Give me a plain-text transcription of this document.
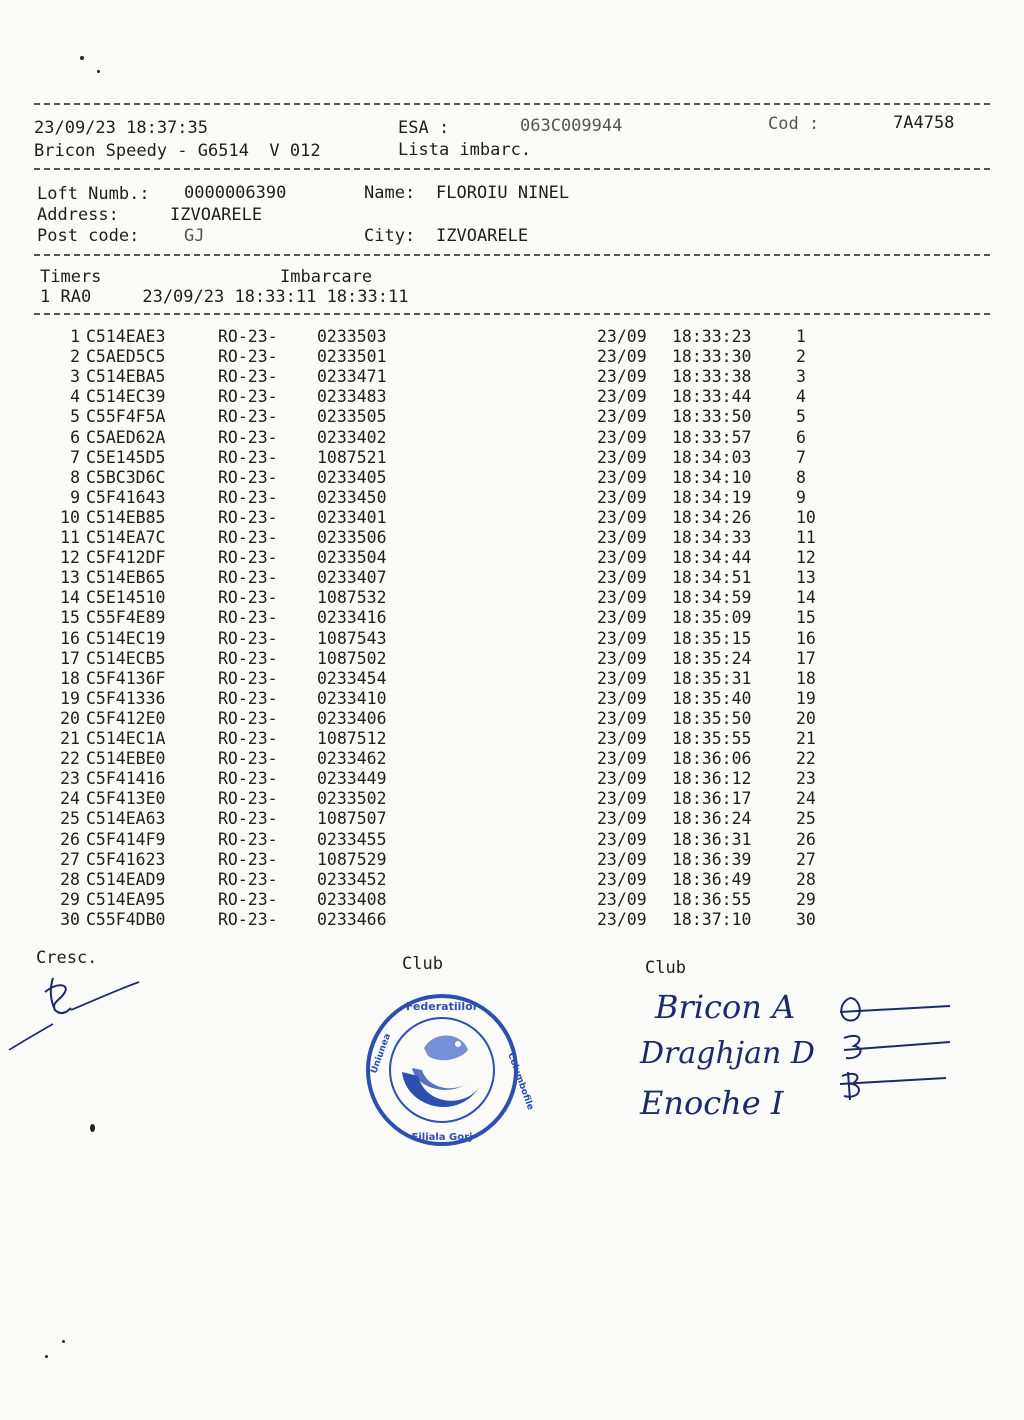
23/09/23 18:37:35	ESA :	063C009944	Cod :	7A4758
Bricon Speedy - G6514  V 012	Lista imbarc.
Loft Numb.: 0000006390	Name: FLOROIU NINEL
Address:	IZVOARELE
Post code:	GJ	City: IZVOARELE
Timers	Imbarcare
1 RA0     23/09/23 18:33:11 18:33:11
1 C514EAE3	RO-23- 0233503	23/09 18:33:23	1
2 C5AED5C5	RO-23- 0233501	23/09 18:33:30	2
3 C514EBA5	RO-23- 0233471	23/09 18:33:38	3
4 C514EC39	RO-23- 0233483	23/09 18:33:44	4
5 C55F4F5A	RO-23- 0233505	23/09 18:33:50	5
6 C5AED62A	RO-23- 0233402	23/09 18:33:57	6
7 C5E145D5	RO-23- 1087521	23/09 18:34:03	7
8 C5BC3D6C	RO-23- 0233405	23/09 18:34:10	8
9 C5F41643	RO-23- 0233450	23/09 18:34:19	9
10 C514EB85	RO-23- 0233401	23/09 18:34:26	10
11 C514EA7C	RO-23- 0233506	23/09 18:34:33	11
12 C5F412DF	RO-23- 0233504	23/09 18:34:44	12
13 C514EB65	RO-23- 0233407	23/09 18:34:51	13
14 C5E14510	RO-23- 1087532	23/09 18:34:59	14
15 C55F4E89	RO-23- 0233416	23/09 18:35:09	15
16 C514EC19	RO-23- 1087543	23/09 18:35:15	16
17 C514ECB5	RO-23- 1087502	23/09 18:35:24	17
18 C5F4136F	RO-23- 0233454	23/09 18:35:31	18
19 C5F41336	RO-23- 0233410	23/09 18:35:40	19
20 C5F412E0	RO-23- 0233406	23/09 18:35:50	20
21 C514EC1A	RO-23- 1087512	23/09 18:35:55	21
22 C514EBE0	RO-23- 0233462	23/09 18:36:06	22
23 C5F41416	RO-23- 0233449	23/09 18:36:12	23
24 C5F413E0	RO-23- 0233502	23/09 18:36:17	24
25 C514EA63	RO-23- 1087507	23/09 18:36:24	25
26 C5F414F9	RO-23- 0233455	23/09 18:36:31	26
27 C5F41623	RO-23- 1087529	23/09 18:36:39	27
28 C514EAD9	RO-23- 0233452	23/09 18:36:49	28
29 C514EA95	RO-23- 0233408	23/09 18:36:55	29
30 C55F4DB0	RO-23- 0233466	23/09 18:37:10	30
Cresc.	Club	Club
Federatiilor
Filiala Gorj
Uniunea	Columbofile
Bricon A
Draghjan D
Enoche I
